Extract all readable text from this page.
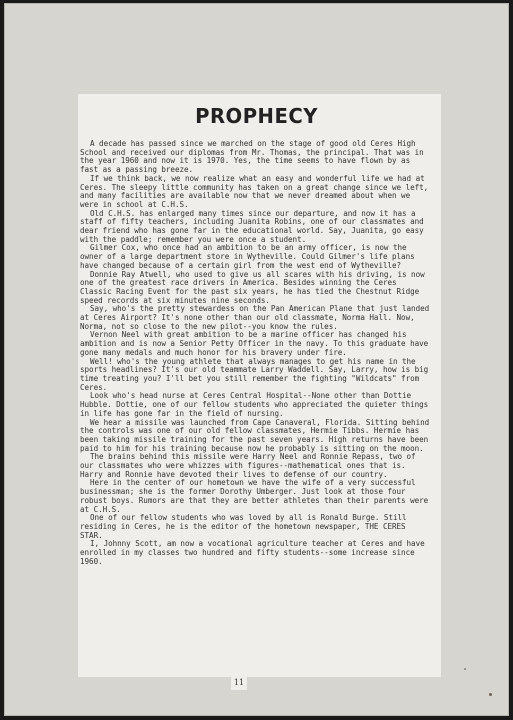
PROPHECY

A decade has passed since we marched on the stage of good old Ceres High School and received our diplomas from Mr. Thomas, the principal. That was in the year 1960 and now it is 1970. Yes, the time seems to have flown by as fast as a passing breeze.

If we think back, we now realize what an easy and wonderful life we had at Ceres. The sleepy little community has taken on a great change since we left, and many facilities are available now that we never dreamed about when we were in school at C.H.S.

Old C.H.S. has enlarged many times since our departure, and now it has a staff of fifty teachers, including Juanita Robins, one of our classmates and dear friend who has gone far in the educational world. Say, Juanita, go easy with the paddle; remember you were once a student.

Gilmer Cox, who once had an ambition to be an army officer, is now the owner of a large department store in Wytheville. Could Gilmer's life plans have changed because of a certain girl from the west end of Wytheville?

Donnie Ray Atwell, who used to give us all scares with his driving, is now one of the greatest race drivers in America. Besides winning the Ceres Classic Racing Event for the past six years, he has tied the Chestnut Ridge speed records at six minutes nine seconds.

Say, who's the pretty stewardess on the Pan American Plane that just landed at Ceres Airport? It's none other than our old classmate, Norma Hall. Now, Norma, not so close to the new pilot--you know the rules.

Vernon Neel with great ambition to be a marine officer has changed his ambition and is now a Senior Petty Officer in the navy. To this graduate have gone many medals and much honor for his bravery under fire.

Well! who's the young athlete that always manages to get his name in the sports headlines? It's our old teammate Larry Waddell. Say, Larry, how is big time treating you? I'll bet you still remember the fighting "Wildcats" from Ceres.

Look who's head nurse at Ceres Central Hospital--None other than Dottie Hubble. Dottie, one of our fellow students who appreciated the quieter things in life has gone far in the field of nursing.

We hear a missile was launched from Cape Canaveral, Florida. Sitting behind the controls was one of our old fellow classmates, Hermie Tibbs. Hermie has been taking missile training for the past seven years. High returns have been paid to him for his training because now he probably is sitting on the moon.

The brains behind this missile were Harry Neel and Ronnie Repass, two of our classmates who were whizzes with figures--mathematical ones that is. Harry and Ronnie have devoted their lives to defense of our country.

Here in the center of our hometown we have the wife of a very successful businessman; she is the former Dorothy Umberger. Just look at those four robust boys. Rumors are that they are better athletes than their parents were at C.H.S.

One of our fellow students who was loved by all is Ronald Burge. Still residing in Ceres, he is the editor of the hometown newspaper, THE CERES STAR.

I, Johnny Scott, am now a vocational agriculture teacher at Ceres and have enrolled in my classes two hundred and fifty students--some increase since 1960.

11
